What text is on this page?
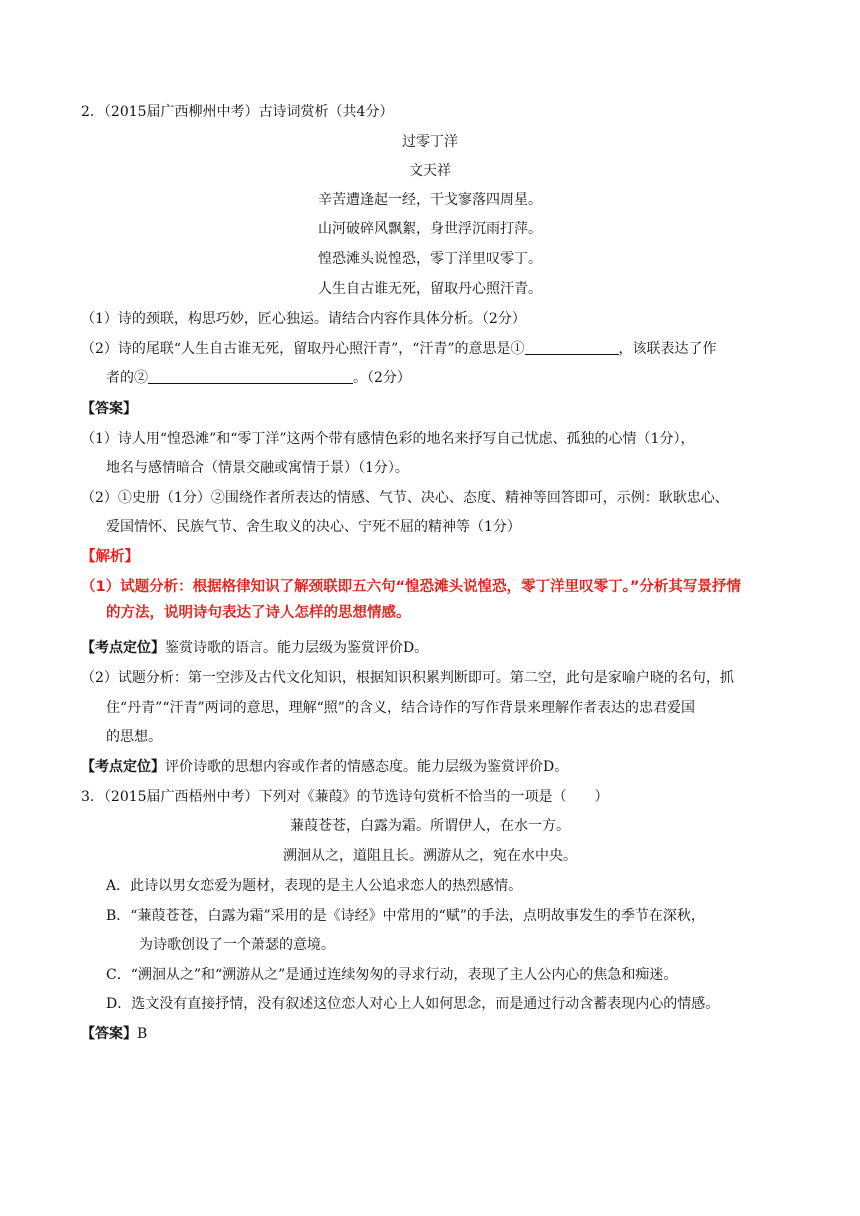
2．（2015届广西柳州中考）古诗词赏析（共4分）
过零丁洋
文天祥
辛苦遭逢起一经，干戈寥落四周星。
山河破碎风飘絮，身世浮沉雨打萍。
惶恐滩头说惶恐，零丁洋里叹零丁。
人生自古谁无死，留取丹心照汗青。
（1）诗的颈联，构思巧妙，匠心独运。请结合内容作具体分析。（2分）
（2）诗的尾联“人生自古谁无死，留取丹心照汗青”，“汗青”的意思是①	，该联表达了作
者的②	。（2分）
【答案】
（1）诗人用“惶恐滩”和“零丁洋”这两个带有感情色彩的地名来抒写自己忧虑、孤独的心情（1分），
地名与感情暗合（情景交融或寓情于景）（1分）。
（2）①史册（1分）②围绕作者所表达的情感、气节、决心、态度、精神等回答即可，示例：耿耿忠心、
爱国情怀、民族气节、舍生取义的决心、宁死不屈的精神等（1分）
【解析】
（1）试题分析：根据格律知识了解颈联即五六句“惶恐滩头说惶恐，零丁洋里叹零丁。”分析其写景抒情
的方法，说明诗句表达了诗人怎样的思想情感。
【考点定位】鉴赏诗歌的语言。能力层级为鉴赏评价D。
（2）试题分析：第一空涉及古代文化知识，根据知识积累判断即可。第二空，此句是家喻户晓的名句，抓
住“丹青”“汗青”两词的意思，理解“照”的含义，结合诗作的写作背景来理解作者表达的忠君爱国
的思想。
【考点定位】评价诗歌的思想内容或作者的情感态度。能力层级为鉴赏评价D。
3．（2015届广西梧州中考）下列对《蒹葭》的节选诗句赏析不恰当的一项是（　　）
蒹葭苍苍，白露为霜。所谓伊人，在水一方。
溯洄从之，道阻且长。溯游从之，宛在水中央。
A．此诗以男女恋爱为题材，表现的是主人公追求恋人的热烈感情。
B．“蒹葭苍苍，白露为霜”采用的是《诗经》中常用的“赋”的手法，点明故事发生的季节在深秋，
为诗歌创设了一个萧瑟的意境。
C．“溯洄从之”和“溯游从之”是通过连续匆匆的寻求行动，表现了主人公内心的焦急和痴迷。
D．选文没有直接抒情，没有叙述这位恋人对心上人如何思念，而是通过行动含蓄表现内心的情感。
【答案】B
